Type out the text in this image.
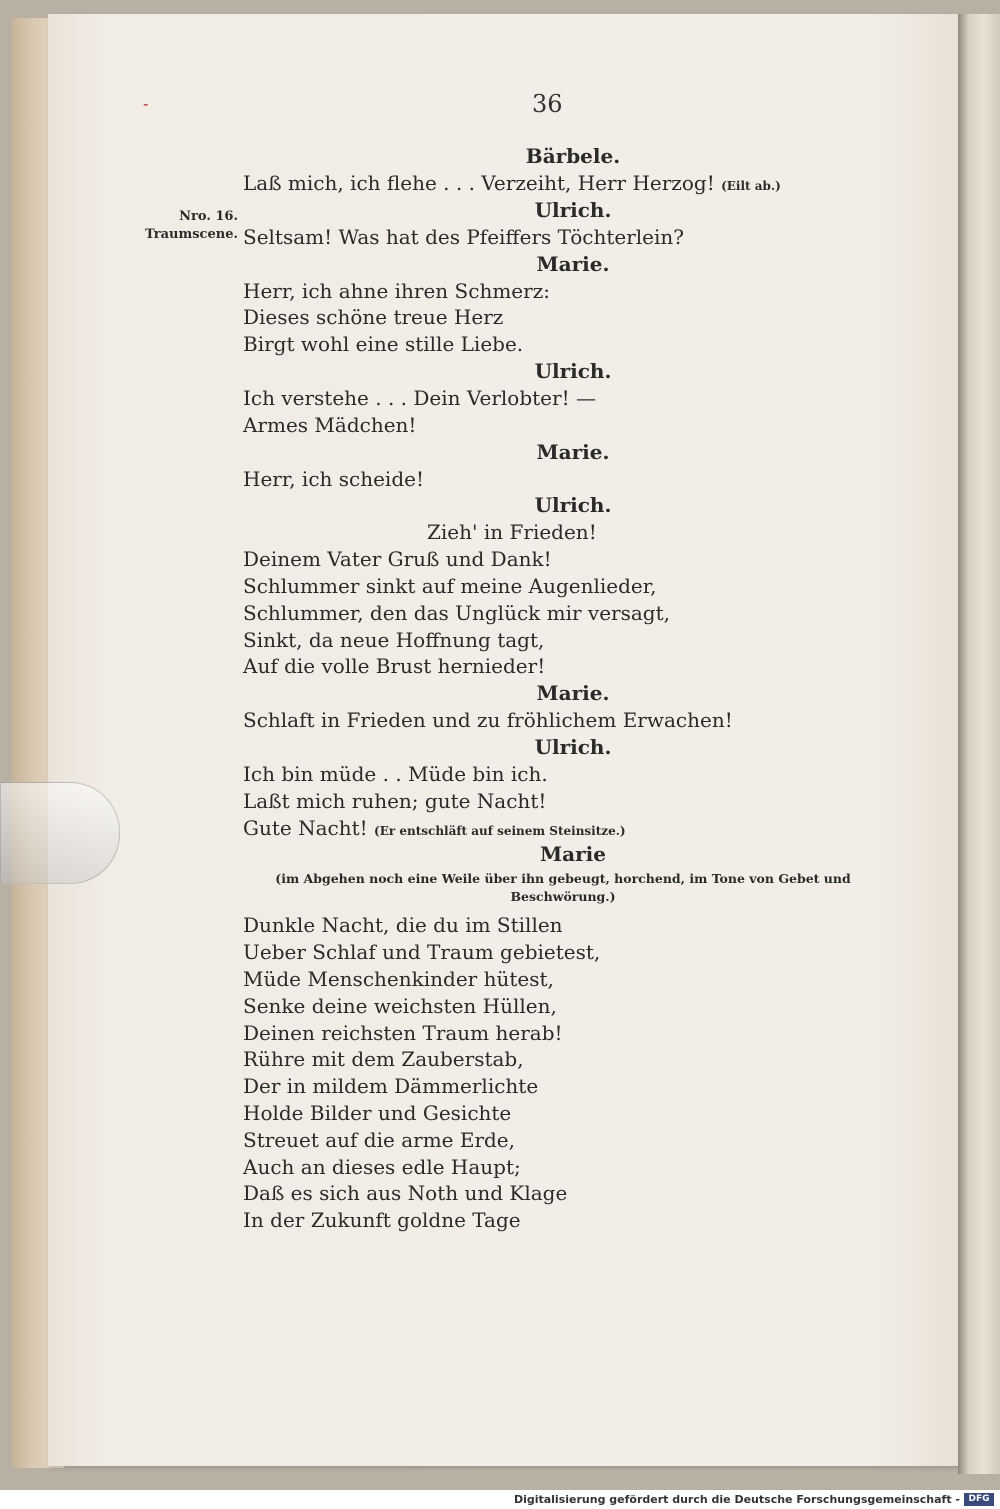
-	36
Nro. 16.
Traumscene.
Bärbele.
Laß mich, ich flehe . . . Verzeiht, Herr Herzog! (Eilt ab.)
Ulrich.
Seltsam! Was hat des Pfeiffers Töchterlein?
Marie.
Herr, ich ahne ihren Schmerz:
Dieses schöne treue Herz
Birgt wohl eine stille Liebe.
Ulrich.
Ich verstehe . . . Dein Verlobter! —
Armes Mädchen!
Marie.
Herr, ich scheide!
Ulrich.
Zieh' in Frieden!
Deinem Vater Gruß und Dank!
Schlummer sinkt auf meine Augenlieder,
Schlummer, den das Unglück mir versagt,
Sinkt, da neue Hoffnung tagt,
Auf die volle Brust hernieder!
Marie.
Schlaft in Frieden und zu fröhlichem Erwachen!
Ulrich.
Ich bin müde . . Müde bin ich.
Laßt mich ruhen; gute Nacht!
Gute Nacht! (Er entschläft auf seinem Steinsitze.)
Marie
(im Abgehen noch eine Weile über ihn gebeugt, horchend, im Tone von Gebet und Beschwörung.)
Dunkle Nacht, die du im Stillen
Ueber Schlaf und Traum gebietest,
Müde Menschenkinder hütest,
Senke deine weichsten Hüllen,
Deinen reichsten Traum herab!
Rühre mit dem Zauberstab,
Der in mildem Dämmerlichte
Holde Bilder und Gesichte
Streuet auf die arme Erde,
Auch an dieses edle Haupt;
Daß es sich aus Noth und Klage
In der Zukunft goldne Tage
Digitalisierung gefördert durch die Deutsche Forschungsgemeinschaft - DFG
